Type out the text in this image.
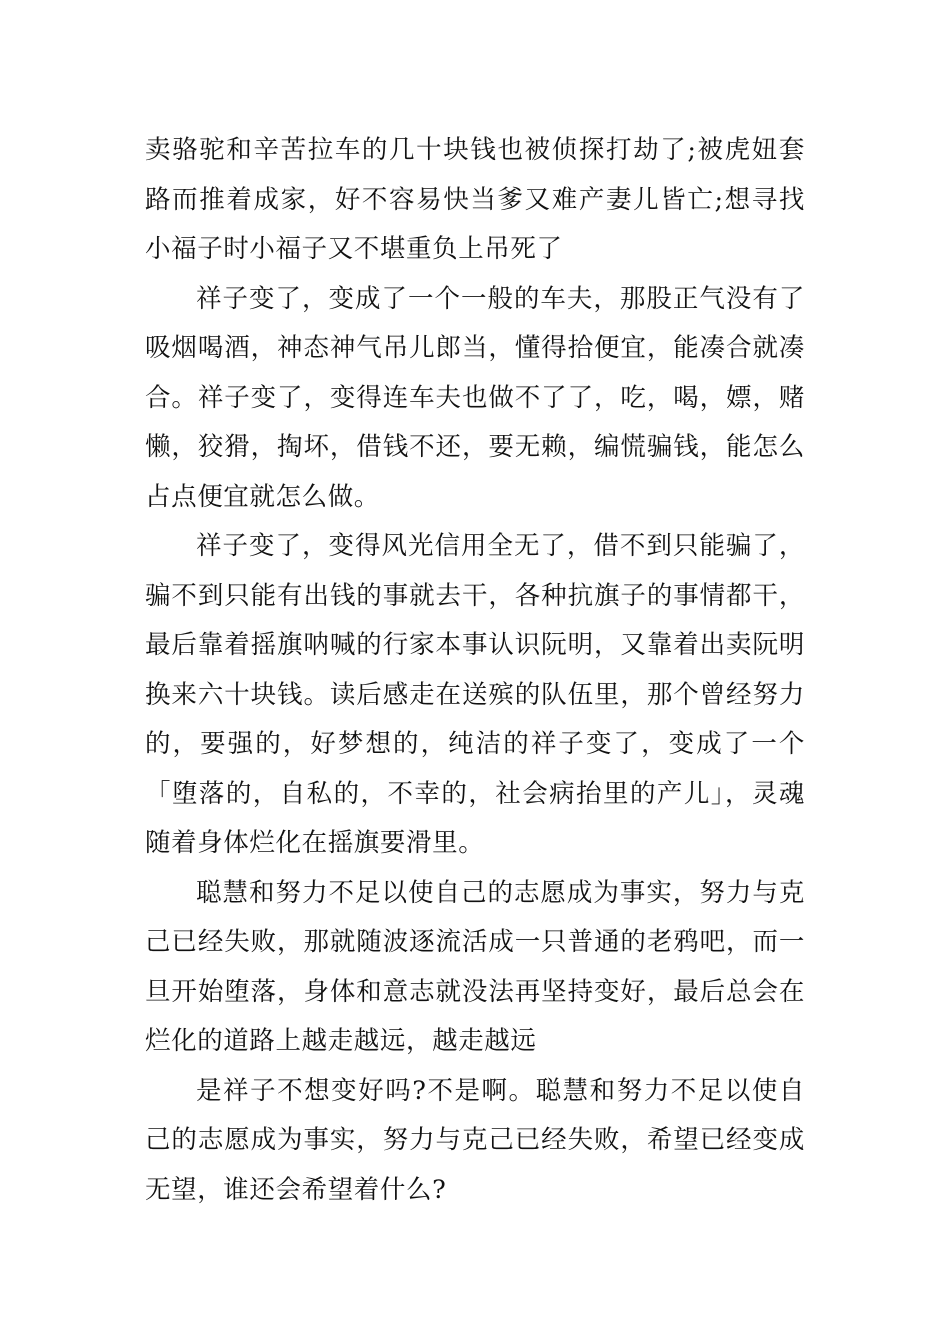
卖骆驼和辛苦拉车的几十块钱也被侦探打劫了;被虎妞套路而推着成家，好不容易快当爹又难产妻儿皆亡;想寻找小福子时小福子又不堪重负上吊死了

祥子变了，变成了一个一般的车夫，那股正气没有了吸烟喝酒，神态神气吊儿郎当，懂得拾便宜，能凑合就凑合。祥子变了，变得连车夫也做不了了，吃，喝，嫖，赌懒，狡猾，掏坏，借钱不还，要无赖，编慌骗钱，能怎么占点便宜就怎么做。

祥子变了，变得风光信用全无了，借不到只能骗了，骗不到只能有出钱的事就去干，各种抗旗子的事情都干，最后靠着摇旗呐喊的行家本事认识阮明，又靠着出卖阮明换来六十块钱。读后感走在送殡的队伍里，那个曾经努力的，要强的，好梦想的，纯洁的祥子变了，变成了一个「堕落的，自私的，不幸的，社会病抬里的产儿」，灵魂随着身体烂化在摇旗要滑里。

聪慧和努力不足以使自己的志愿成为事实，努力与克己已经失败，那就随波逐流活成一只普通的老鸦吧，而一旦开始堕落，身体和意志就没法再坚持变好，最后总会在烂化的道路上越走越远，越走越远

是祥子不想变好吗?不是啊。聪慧和努力不足以使自己的志愿成为事实，努力与克己已经失败，希望已经变成无望，谁还会希望着什么?
